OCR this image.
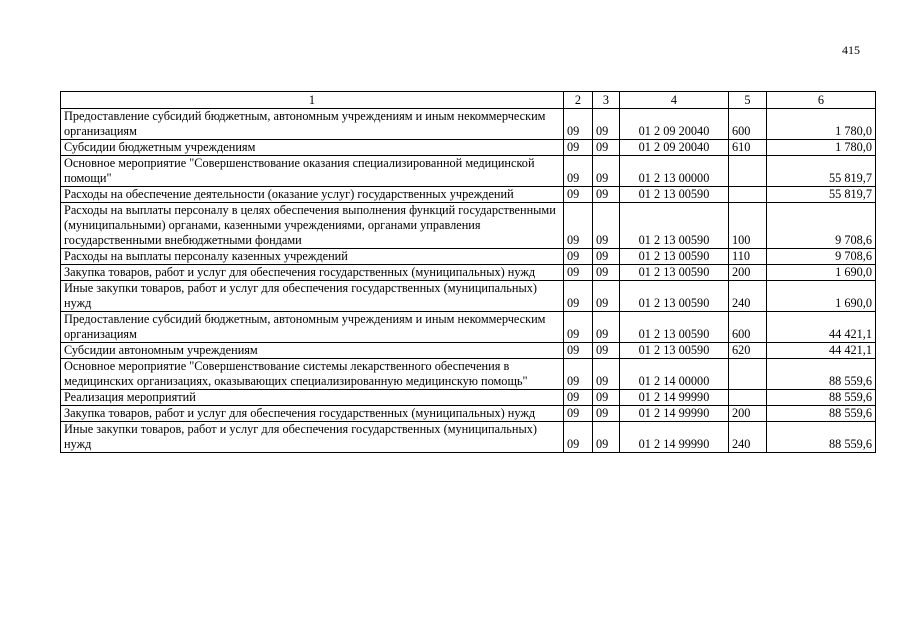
415
1	2	3	4	5	6
Предоставление субсидий бюджетным, автономным учреждениям и иным некоммерческим организациям	09	09	01 2 09 20040	600	1 780,0
Субсидии бюджетным учреждениям	09	09	01 2 09 20040	610	1 780,0
Основное мероприятие "Совершенствование оказания специализированной медицинской помощи"	09	09	01 2 13 00000		55 819,7
Расходы на обеспечение деятельности (оказание услуг) государственных учреждений	09	09	01 2 13 00590		55 819,7
Расходы на выплаты персоналу в целях обеспечения выполнения функций государственными (муниципальными) органами, казенными учреждениями, органами управления государственными внебюджетными фондами	09	09	01 2 13 00590	100	9 708,6
Расходы на выплаты персоналу казенных учреждений	09	09	01 2 13 00590	110	9 708,6
Закупка товаров, работ и услуг для обеспечения государственных (муниципальных) нужд	09	09	01 2 13 00590	200	1 690,0
Иные закупки товаров, работ и услуг для обеспечения государственных (муниципальных) нужд	09	09	01 2 13 00590	240	1 690,0
Предоставление субсидий бюджетным, автономным учреждениям и иным некоммерческим организациям	09	09	01 2 13 00590	600	44 421,1
Субсидии автономным учреждениям	09	09	01 2 13 00590	620	44 421,1
Основное мероприятие "Совершенствование системы лекарственного обеспечения в медицинских организациях, оказывающих специализированную медицинскую помощь"	09	09	01 2 14 00000		88 559,6
Реализация мероприятий	09	09	01 2 14 99990		88 559,6
Закупка товаров, работ и услуг для обеспечения государственных (муниципальных) нужд	09	09	01 2 14 99990	200	88 559,6
Иные закупки товаров, работ и услуг для обеспечения государственных (муниципальных) нужд	09	09	01 2 14 99990	240	88 559,6
